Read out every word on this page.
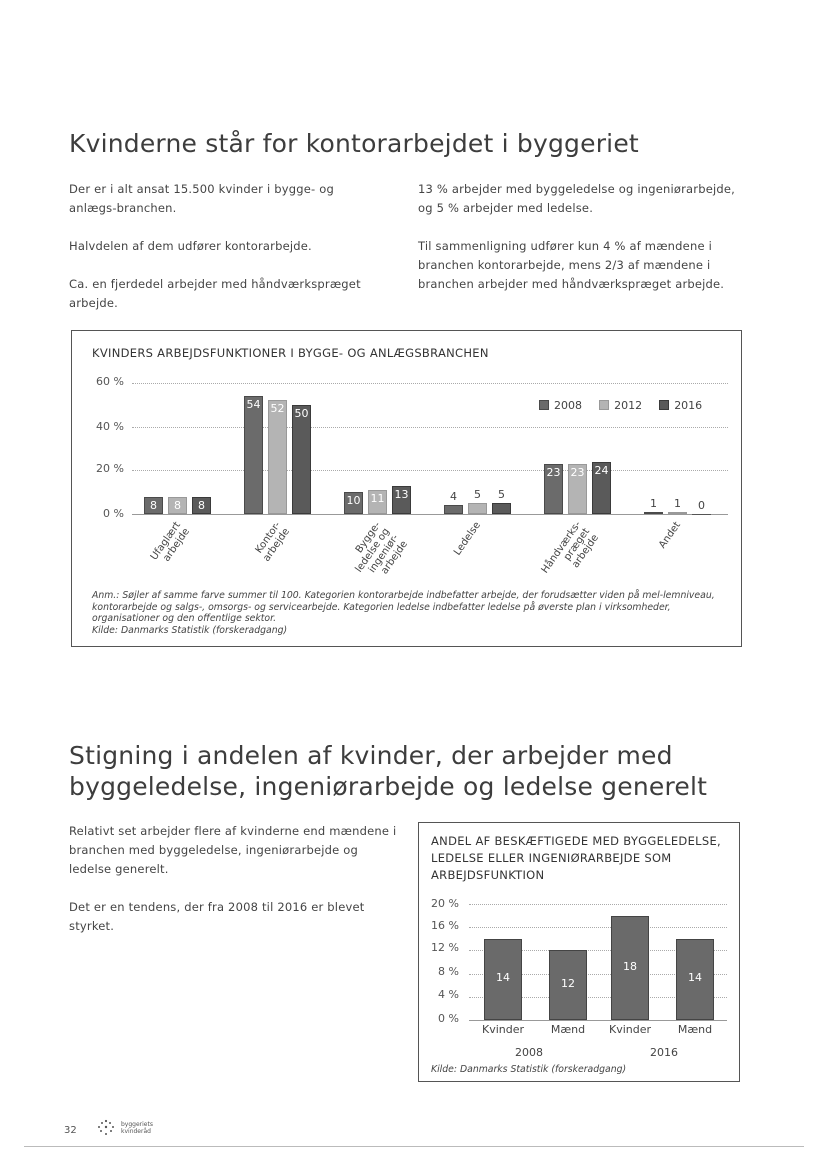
Kvinderne står for kontorarbejdet i byggeriet

Der er i alt ansat 15.500 kvinder i bygge- og anlægs-branchen.

Halvdelen af dem udfører kontorarbejde.

Ca. en fjerdedel arbejder med håndværkspræget arbejde.

13 % arbejder med byggeledelse og ingeniørarbejde, og 5 % arbejder med ledelse.

Til sammenligning udfører kun 4 % af mændene i branchen kontorarbejde, mens 2/3 af mændene i branchen arbejder med håndværkspræget arbejde.

KVINDERS ARBEJDSFUNKTIONER I BYGGE- OG ANLÆGSBRANCHEN
60 %
40 %
20 %
0 %
2008
	2012
	2016
8	8	8
Ufaglært arbejde
54 52 50
Kontor-arbejde
10 11 13
Bygge-ledelse og ingeniør-arbejde
4	5	5
Ledelse
23 23 24
Håndværks-præget arbejde
1	1	0
Andet
Anm.: Søjler af samme farve summer til 100. Kategorien kontorarbejde indbefatter arbejde, der forudsætter viden på mel-lemniveau, kontorarbejde og salgs-, omsorgs- og servicearbejde. Kategorien ledelse indbefatter ledelse på øverste plan i virksomheder, organisationer og den offentlige sektor.
Kilde: Danmarks Statistik (forskeradgang)
Stigning i andelen af kvinder, der arbejder med
byggeledelse, ingeniørarbejde og ledelse generelt

Relativt set arbejder flere af kvinderne end mændene i branchen med byggeledelse, ingeniørarbejde og ledelse generelt.

Det er en tendens, der fra 2008 til 2016 er blevet styrket.

ANDEL AF BESKÆFTIGEDE MED BYGGELEDELSE, LEDELSE ELLER INGENIØRARBEJDE SOM ARBEJDSFUNKTION
20 %
16 %
12 %
8 %
4 %
0 %
14
Kvinder
12
Mænd
18
Kvinder
14
Mænd
2008	2016
Kilde: Danmarks Statistik (forskeradgang)
32
byggeriets kvinderåd
